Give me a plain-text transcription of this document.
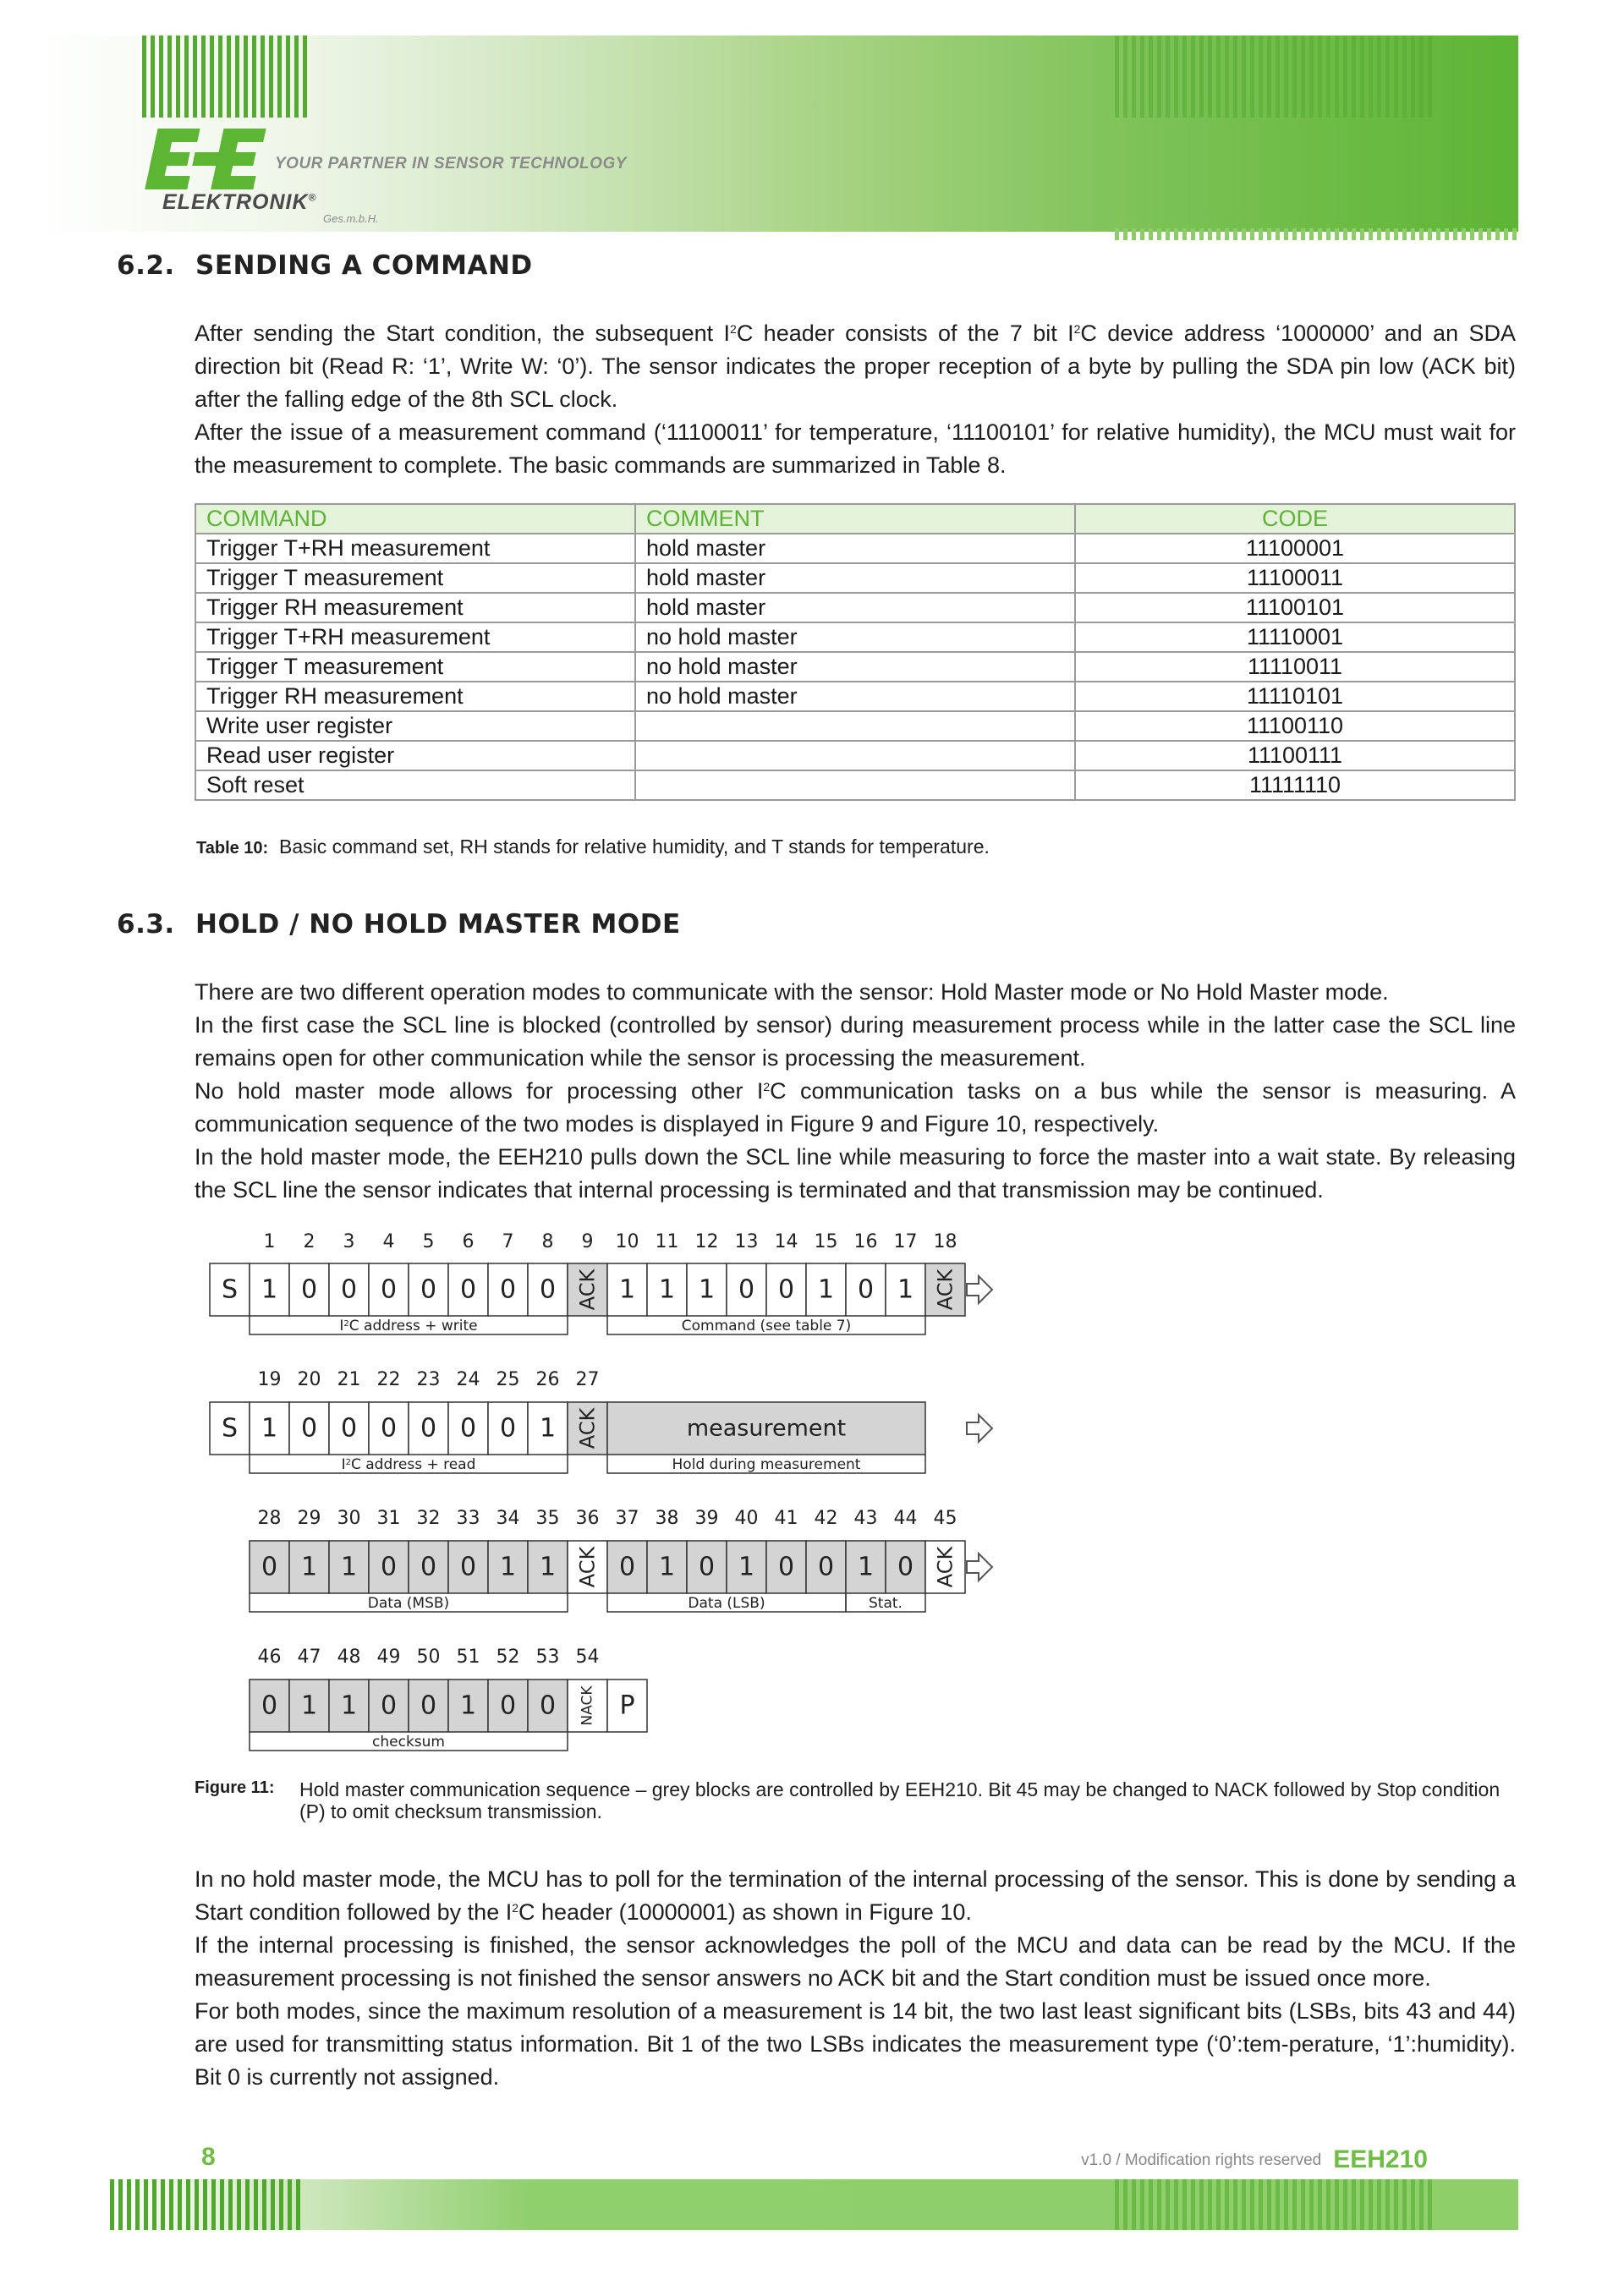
YOUR PARTNER IN SENSOR TECHNOLOGY
ELEKTRONIK®
Ges.m.b.H.
6.2. SENDING A COMMAND

After sending the Start condition, the subsequent $I^2C$ header consists of the 7 bit $I^2C$ device address ‘1000000’ and an SDA direction bit (Read R: ‘1’, Write W: ‘0’). The sensor indicates the proper reception of a byte by pulling the SDA pin low (ACK bit) after the falling edge of the 8th SCL clock.

After the issue of a measurement command (‘11100011’ for temperature, ‘11100101’ for relative humidity), the MCU must wait for the measurement to complete. The basic commands are summarized in Table 8.

COMMAND	COMMENT	CODE
Trigger T+RH measurement	hold master	11100001
Trigger T measurement	hold master	11100011
Trigger RH measurement	hold master	11100101
Trigger T+RH measurement	no hold master	11110001
Trigger T measurement	no hold master	11110011
Trigger RH measurement	no hold master	11110101
Write user register		11100110
Read user register		11100111
Soft reset		11111110
Table 10: Basic command set, RH stands for relative humidity, and T stands for temperature.
6.3. HOLD / NO HOLD MASTER MODE

There are two different operation modes to communicate with the sensor: Hold Master mode or No Hold Master mode.

In the first case the SCL line is blocked (controlled by sensor) during measurement process while in the latter case the SCL line remains open for other communication while the sensor is processing the measurement.

No hold master mode allows for processing other $I^2C$ communication tasks on a bus while the sensor is measuring. A communication sequence of the two modes is displayed in Figure 9 and Figure 10, respectively.

In the hold master mode, the EEH210 pulls down the SCL line while measuring to force the master into a wait state. By releasing the SCL line the sensor indicates that internal processing is terminated and that transmission may be continued.

1 2 3 4 5 6 7 8 9 10 11 12 13 14 15 16 17 18
S 1 0 0 0 0 0 0 0 ACK 1 1 1 0 0 1 0 1 ACK
$I^2C$ address + write	Command (see table 7)
19 20 21 22 23 24 25 26 27
S 1 0 0 0 0 0 0 1 ACK	measurement
$I^2C$ address + read	Hold during measurement
28 29 30 31 32 33 34 35 36 37 38 39 40 41 42 43 44 45
0 1 1 0 0 0 1 1 ACK 0 1 0 1 0 0 1 0 ACK
Data (MSB)	Data (LSB)	Stat.
46 47 48 49 50 51 52 53 54
0 1 1 0 0 1 0 0 NACK P
checksum
Figure 11:	Hold master communication sequence – grey blocks are controlled by EEH210. Bit 45 may be changed to NACK followed by Stop condition (P) to omit checksum transmission.

In no hold master mode, the MCU has to poll for the termination of the internal processing of the sensor. This is done by sending a Start condition followed by the $I^2C$ header (10000001) as shown in Figure 10.

If the internal processing is finished, the sensor acknowledges the poll of the MCU and data can be read by the MCU. If the measurement processing is not finished the sensor answers no ACK bit and the Start condition must be issued once more.

For both modes, since the maximum resolution of a measurement is 14 bit, the two last least significant bits (LSBs, bits 43 and 44) are used for transmitting status information. Bit 1 of the two LSBs indicates the measurement type (‘0’:tem-perature, ‘1’:humidity). Bit 0 is currently not assigned.

8	v1.0 / Modification rights reserved EEH210
